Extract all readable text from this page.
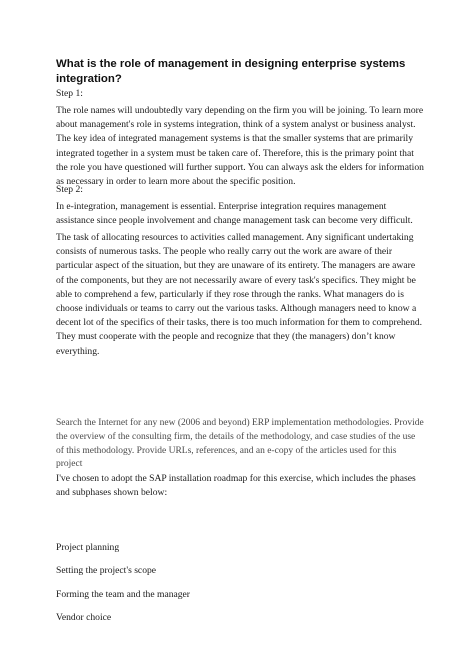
What is the role of management in designing enterprise systems integration?

Step 1:

The role names will undoubtedly vary depending on the firm you will be joining. To learn more about management's role in systems integration, think of a system analyst or business analyst. The key idea of integrated management systems is that the smaller systems that are primarily integrated together in a system must be taken care of. Therefore, this is the primary point that the role you have questioned will further support. You can always ask the elders for information as necessary in order to learn more about the specific position.

Step 2:

In e-integration, management is essential. Enterprise integration requires management assistance since people involvement and change management task can become very difficult.

The task of allocating resources to activities called management. Any significant undertaking consists of numerous tasks. The people who really carry out the work are aware of their particular aspect of the situation, but they are unaware of its entirety. The managers are aware of the components, but they are not necessarily aware of every task's specifics. They might be able to comprehend a few, particularly if they rose through the ranks. What managers do is choose individuals or teams to carry out the various tasks. Although managers need to know a decent lot of the specifics of their tasks, there is too much information for them to comprehend. They must cooperate with the people and recognize that they (the managers) don’t know everything.

Search the Internet for any new (2006 and beyond) ERP implementation methodologies. Provide the overview of the consulting firm, the details of the methodology, and case studies of the use of this methodology. Provide URLs, references, and an e-copy of the articles used for this project

I've chosen to adopt the SAP installation roadmap for this exercise, which includes the phases and subphases shown below:

Project planning
Setting the project's scope
Forming the team and the manager
Vendor choice
